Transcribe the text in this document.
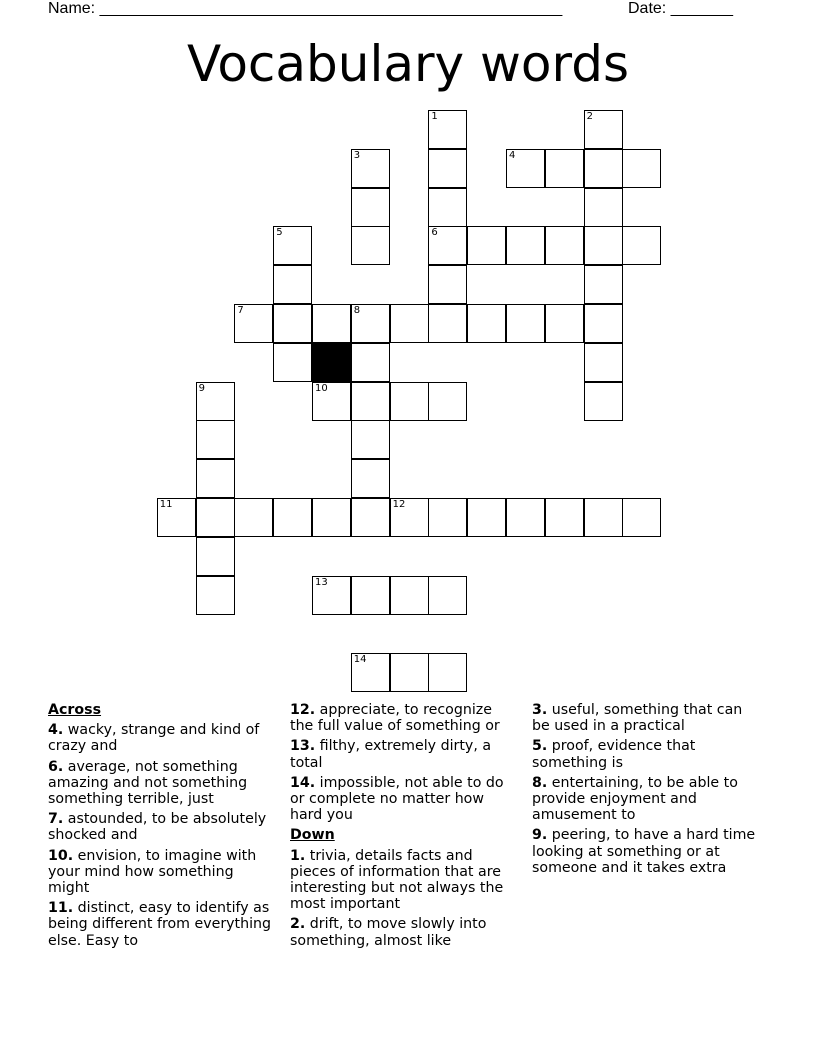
Name: ____________________________________________________	Date: _______
Vocabulary words
1	2
3	4
5	6
7	8
9	10
11	12
13
14
Across
4. wacky, strange and kind of crazy and
6. average, not something amazing and not something something terrible, just
7. astounded, to be absolutely shocked and
10. envision, to imagine with your mind how something might
11. distinct, easy to identify as being different from everything else. Easy to
12. appreciate, to recognize the full value of something or
13. filthy, extremely dirty, a total
14. impossible, not able to do or complete no matter how hard you
Down
1. trivia, details facts and pieces of information that are interesting but not always the most important
2. drift, to move slowly into something, almost like
3. useful, something that can be used in a practical
5. proof, evidence that something is
8. entertaining, to be able to provide enjoyment and amusement to
9. peering, to have a hard time looking at something or at someone and it takes extra
